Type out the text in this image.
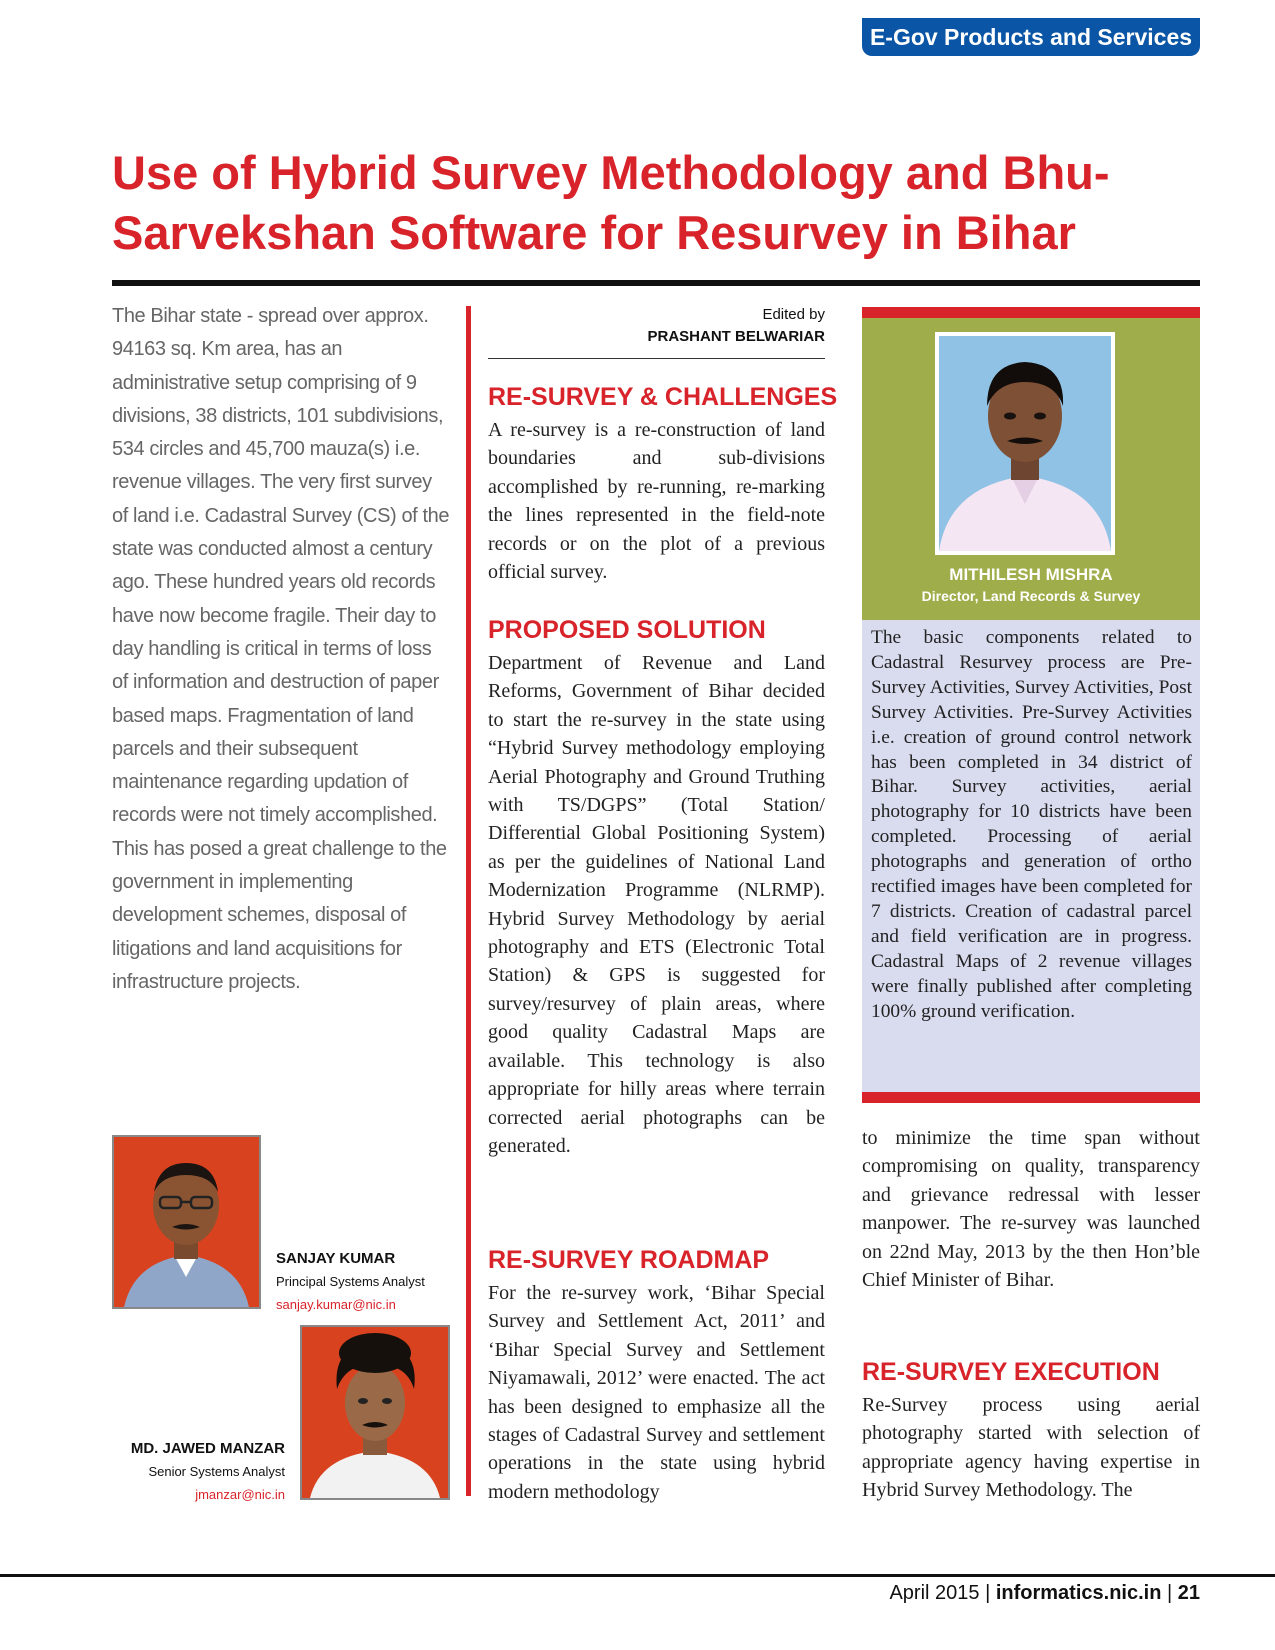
E-Gov Products and Services
Use of Hybrid Survey Methodology and Bhu-
Sarvekshan Software for Resurvey in Bihar

The Bihar state - spread over approx. 94163 sq. Km area, has an administrative setup comprising of 9 divisions, 38 districts, 101 subdivisions, 534 circles and 45,700 mauza(s) i.e. revenue villages. The very first survey of land i.e. Cadastral Survey (CS) of the state was conducted almost a century ago. These hundred years old records have now become fragile. Their day to day handling is critical in terms of loss of information and destruction of paper based maps. Fragmentation of land parcels and their subsequent maintenance regarding updation of records were not timely accomplished. This has posed a great challenge to the government in implementing development schemes, disposal of litigations and land acquisitions for infrastructure projects.

SANJAY KUMAR
Principal Systems Analyst
sanjay.kumar@nic.in
MD. JAWED MANZAR
Senior Systems Analyst
jmanzar@nic.in
Edited by
PRASHANT BELWARIAR
RE-SURVEY & CHALLENGES

A re-survey is a re-construction of land boundaries and sub-divisions accomplished by re-running, re-marking the lines represented in the field-note records or on the plot of a previous official survey.

PROPOSED SOLUTION

Department of Revenue and Land Reforms, Government of Bihar decided to start the re-survey in the state using “Hybrid Survey methodology employing Aerial Photography and Ground Truthing with TS/DGPS” (Total Station/ Differential Global Positioning System) as per the guidelines of National Land Modernization Programme (NLRMP). Hybrid Survey Methodology by aerial photography and ETS (Electronic Total Station) & GPS is suggested for survey/resurvey of plain areas, where good quality Cadastral Maps are available. This technology is also appropriate for hilly areas where terrain corrected aerial photographs can be generated.

RE-SURVEY ROADMAP

For the re-survey work, ‘Bihar Special Survey and Settlement Act, 2011’ and ‘Bihar Special Survey and Settlement Niyamawali, 2012’ were enacted. The act has been designed to emphasize all the stages of Cadastral Survey and settlement operations in the state using hybrid modern methodology

MITHILESH MISHRA
Director, Land Records & Survey

The basic components related to Cadastral Resurvey process are Pre-Survey Activities, Survey Activities, Post Survey Activities. Pre-Survey Activities i.e. creation of ground control network has been completed in 34 district of Bihar. Survey activities, aerial photography for 10 districts have been completed. Processing of aerial photographs and generation of ortho rectified images have been completed for 7 districts. Creation of cadastral parcel and field verification are in progress. Cadastral Maps of 2 revenue villages were finally published after completing 100% ground verification.

to minimize the time span without compromising on quality, transparency and grievance redressal with lesser manpower. The re-survey was launched on 22nd May, 2013 by the then Hon’ble Chief Minister of Bihar.

RE-SURVEY EXECUTION

Re-Survey process using aerial photography started with selection of appropriate agency having expertise in Hybrid Survey Methodology. The

April 2015 | informatics.nic.in | 21
